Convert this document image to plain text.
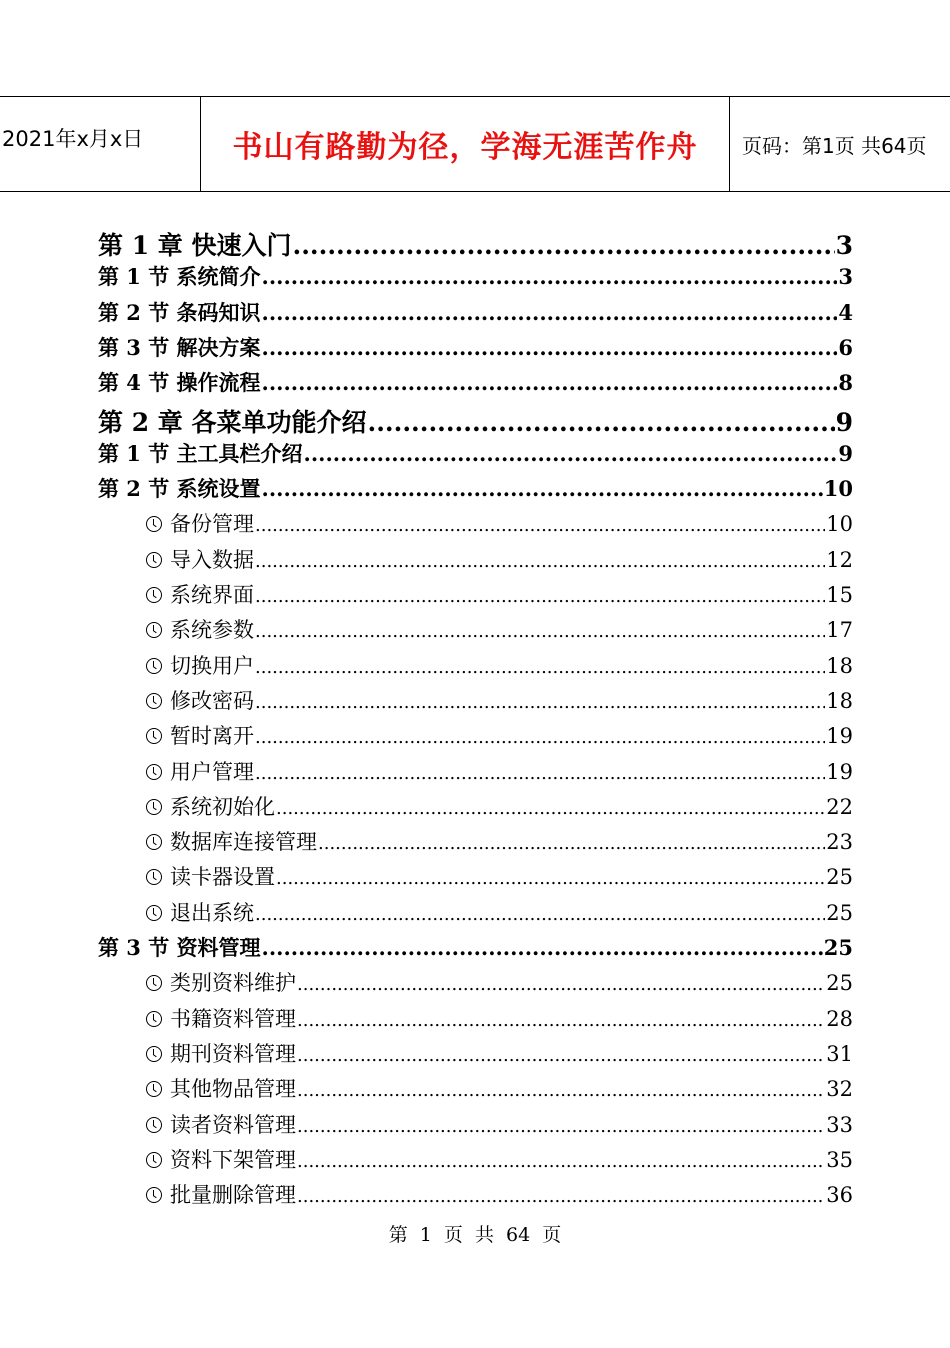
2021年x月x日	书山有路勤为径，学海无涯苦作舟	页码：第1页 共64页
第 1 章 快速入门 .....	3
第 1 节 系统简介 .....	3
第 2 节 条码知识 .....	4
第 3 节 解决方案 .....	6
第 4 节 操作流程 .....	8
第 2 章 各菜单功能介绍 .....	9
第 1 节 主工具栏介绍 .....	9
第 2 节 系统设置 .....	10
备份管理 .....	10
导入数据 .....	12
系统界面 .....	15
系统参数 .....	17
切换用户 .....	18
修改密码 .....	18
暂时离开 .....	19
用户管理 .....	19
系统初始化 .....	22
数据库连接管理 .....	23
读卡器设置 .....	25
退出系统 .....	25
第 3 节 资料管理 .....	25
类别资料维护 .....	25
书籍资料管理 .....	28
期刊资料管理 .....	31
其他物品管理 .....	32
读者资料管理 .....	33
资料下架管理 .....	35
批量删除管理 .....	36
第 1 页 共 64 页
